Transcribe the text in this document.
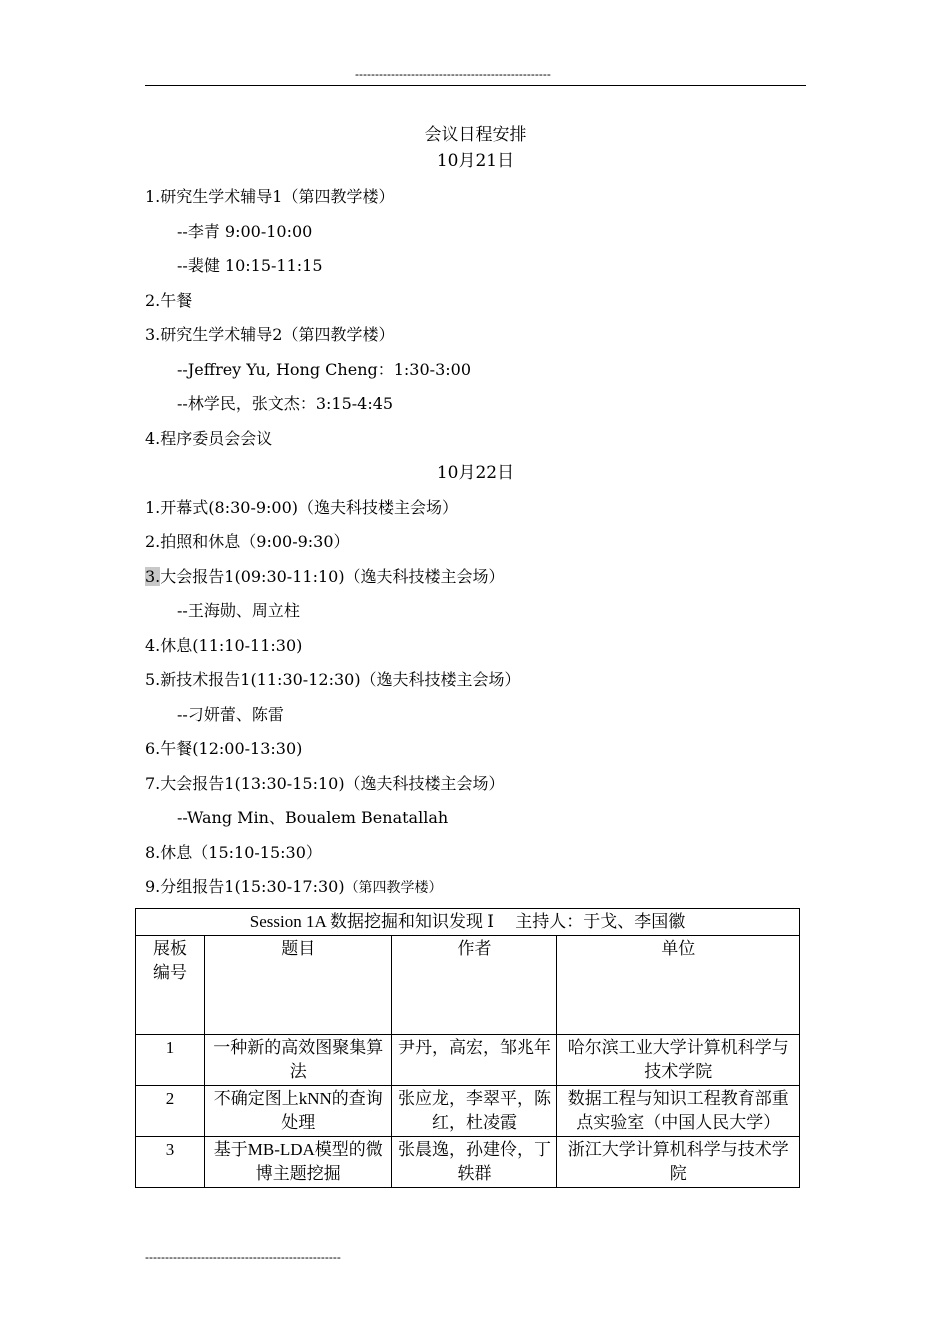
-------------------------------------------------
会议日程安排
10月21日
1.研究生学术辅导1（第四教学楼）
--李青 9:00-10:00
--裴健 10:15-11:15
2.午餐
3.研究生学术辅导2（第四教学楼）
--Jeffrey Yu, Hong Cheng：1:30-3:00
--林学民，张文杰：3:15-4:45
4.程序委员会会议
10月22日
1.开幕式(8:30-9:00)（逸夫科技楼主会场）
2.拍照和休息（9:00-9:30）
3.大会报告1(09:30-11:10)（逸夫科技楼主会场）
--王海勋、周立柱
4.休息(11:10-11:30)
5.新技术报告1(11:30-12:30)（逸夫科技楼主会场）
--刁妍蕾、陈雷
6.午餐(12:00-13:30)
7.大会报告1(13:30-15:10)（逸夫科技楼主会场）
--Wang Min、Boualem Benatallah
8.休息（15:10-15:30）
9.分组报告1(15:30-17:30)（第四教学楼）
Session 1A 数据挖掘和知识发现 Ⅰ　 主持人：于戈、李国徽			
展板编号	题目	作者	单位
1	一种新的高效图聚集算法	尹丹，高宏，邹兆年	哈尔滨工业大学计算机科学与技术学院
2	不确定图上kNN的查询处理	张应龙，李翠平，陈红，杜凌霞	数据工程与知识工程教育部重点实验室（中国人民大学）
3	基于MB-LDA模型的微博主题挖掘	张晨逸，孙建伶，丁轶群	浙江大学计算机科学与技术学院
-------------------------------------------------
